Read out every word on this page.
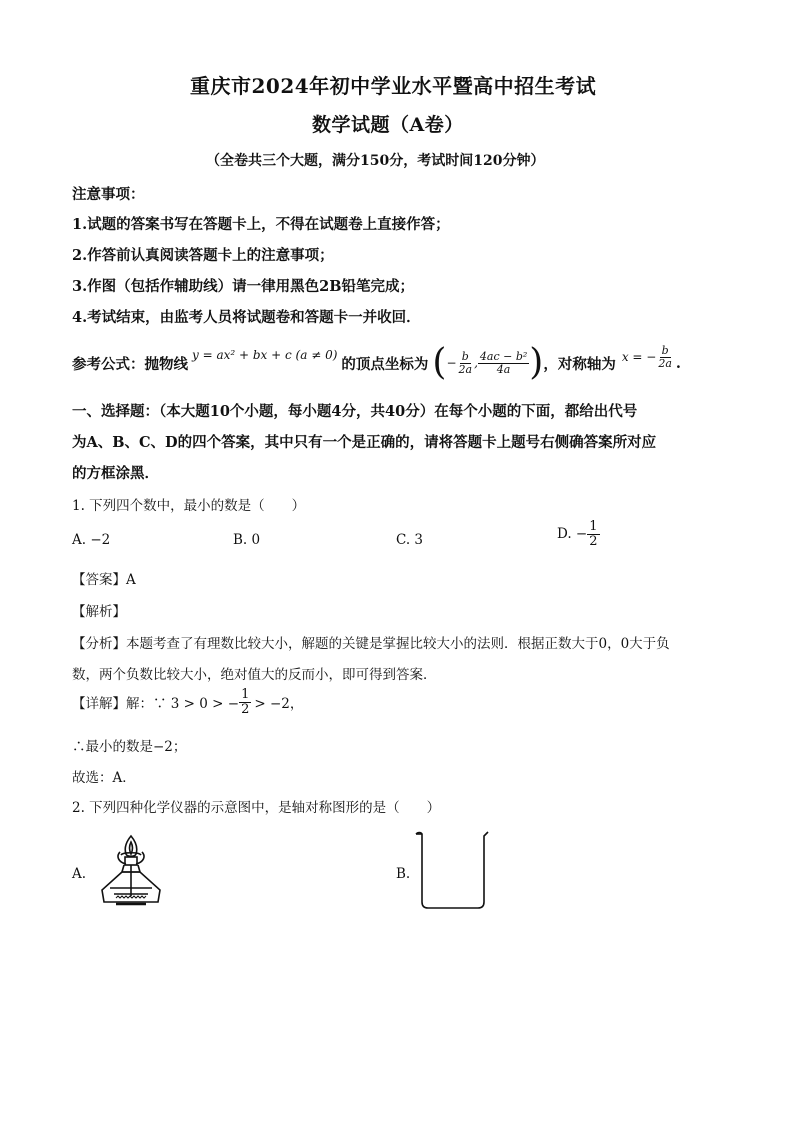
重庆市2024年初中学业水平暨高中招生考试
数学试题（A卷）
（全卷共三个大题，满分150分，考试时间120分钟）
注意事项：
1.试题的答案书写在答题卡上，不得在试题卷上直接作答；
2.作答前认真阅读答题卡上的注意事项；
3.作图（包括作辅助线）请一律用黑色2B铅笔完成；
4.考试结束，由监考人员将试题卷和答题卡一并收回．
参考公式：抛物线
y = ax² + bx + c (a ≠ 0)
的顶点坐标为 ( − $\frac{b}{2a}$ , $\frac{\text{4ac − b²}}{4a}$ ) ，对称轴为 x = − $\frac{b}{2a}$ .
一、选择题：（本大题10个小题，每小题4分，共40分）在每个小题的下面，都给出代号
为A、B、C、D的四个答案，其中只有一个是正确的，请将答题卡上题号右侧确答案所对应
的方框涂黑．
1. 下列四个数中，最小的数是（　　）
A. −2	B. 0	C. 3	D. − $\frac{1}{2}$
【答案】A
【解析】
【分析】本题考查了有理数比较大小，解题的关键是掌握比较大小的法则．根据正数大于0，0大于负
数，两个负数比较大小，绝对值大的反而小，即可得到答案．
【详解】解：∵ 3 > 0 > − $\frac{1}{2} > -2$，
∴最小的数是−2；
故选：A．
2. 下列四种化学仪器的示意图中，是轴对称图形的是（　　）
A.	B.
